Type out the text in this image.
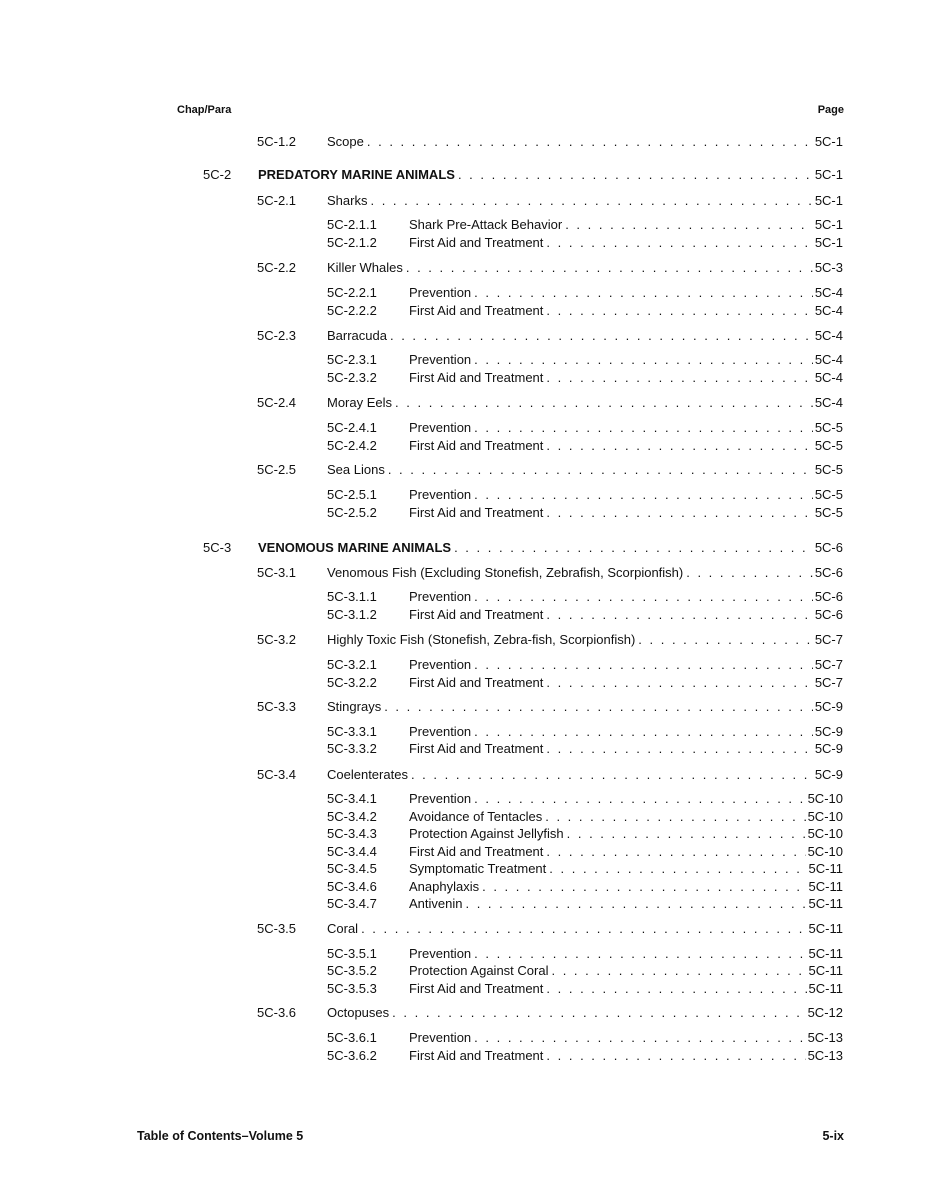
Chap/Para	Page
5C-1.2	Scope . . .	5C-1
5C-2	PREDATORY MARINE ANIMALS . . .	5C-1
5C-2.1	Sharks . . .	5C-1
5C-2.1.1	Shark Pre-Attack Behavior . . .	5C-1
5C-2.1.2	First Aid and Treatment . . .	5C-1
5C-2.2	Killer Whales . . .	5C-3
5C-2.2.1	Prevention . . .	5C-4
5C-2.2.2	First Aid and Treatment . . .	5C-4
5C-2.3	Barracuda . . .	5C-4
5C-2.3.1	Prevention . . .	5C-4
5C-2.3.2	First Aid and Treatment . . .	5C-4
5C-2.4	Moray Eels . . .	5C-4
5C-2.4.1	Prevention . . .	5C-5
5C-2.4.2	First Aid and Treatment . . .	5C-5
5C-2.5	Sea Lions . . .	5C-5
5C-2.5.1	Prevention . . .	5C-5
5C-2.5.2	First Aid and Treatment . . .	5C-5
5C-3	VENOMOUS MARINE ANIMALS . . .	5C-6
5C-3.1	Venomous Fish (Excluding Stonefish, Zebrafish, Scorpionfish) . . .	5C-6
5C-3.1.1	Prevention . . .	5C-6
5C-3.1.2	First Aid and Treatment . . .	5C-6
5C-3.2	Highly Toxic Fish (Stonefish, Zebra-fish, Scorpionfish) . . .	5C-7
5C-3.2.1	Prevention . . .	5C-7
5C-3.2.2	First Aid and Treatment . . .	5C-7
5C-3.3	Stingrays . . .	5C-9
5C-3.3.1	Prevention . . .	5C-9
5C-3.3.2	First Aid and Treatment . . .	5C-9
5C-3.4	Coelenterates . . .	5C-9
5C-3.4.1	Prevention . . .	5C-10
5C-3.4.2	Avoidance of Tentacles . . .	5C-10
5C-3.4.3	Protection Against Jellyfish . . .	5C-10
5C-3.4.4	First Aid and Treatment . . .	5C-10
5C-3.4.5	Symptomatic Treatment . . .	5C-11
5C-3.4.6	Anaphylaxis . . .	5C-11
5C-3.4.7	Antivenin . . .	5C-11
5C-3.5	Coral . . .	5C-11
5C-3.5.1	Prevention . . .	5C-11
5C-3.5.2	Protection Against Coral . . .	5C-11
5C-3.5.3	First Aid and Treatment . . .	5C-11
5C-3.6	Octopuses . . .	5C-12
5C-3.6.1	Prevention . . .	5C-13
5C-3.6.2	First Aid and Treatment . . .	5C-13
Table of Contents–Volume 5	5-ix
